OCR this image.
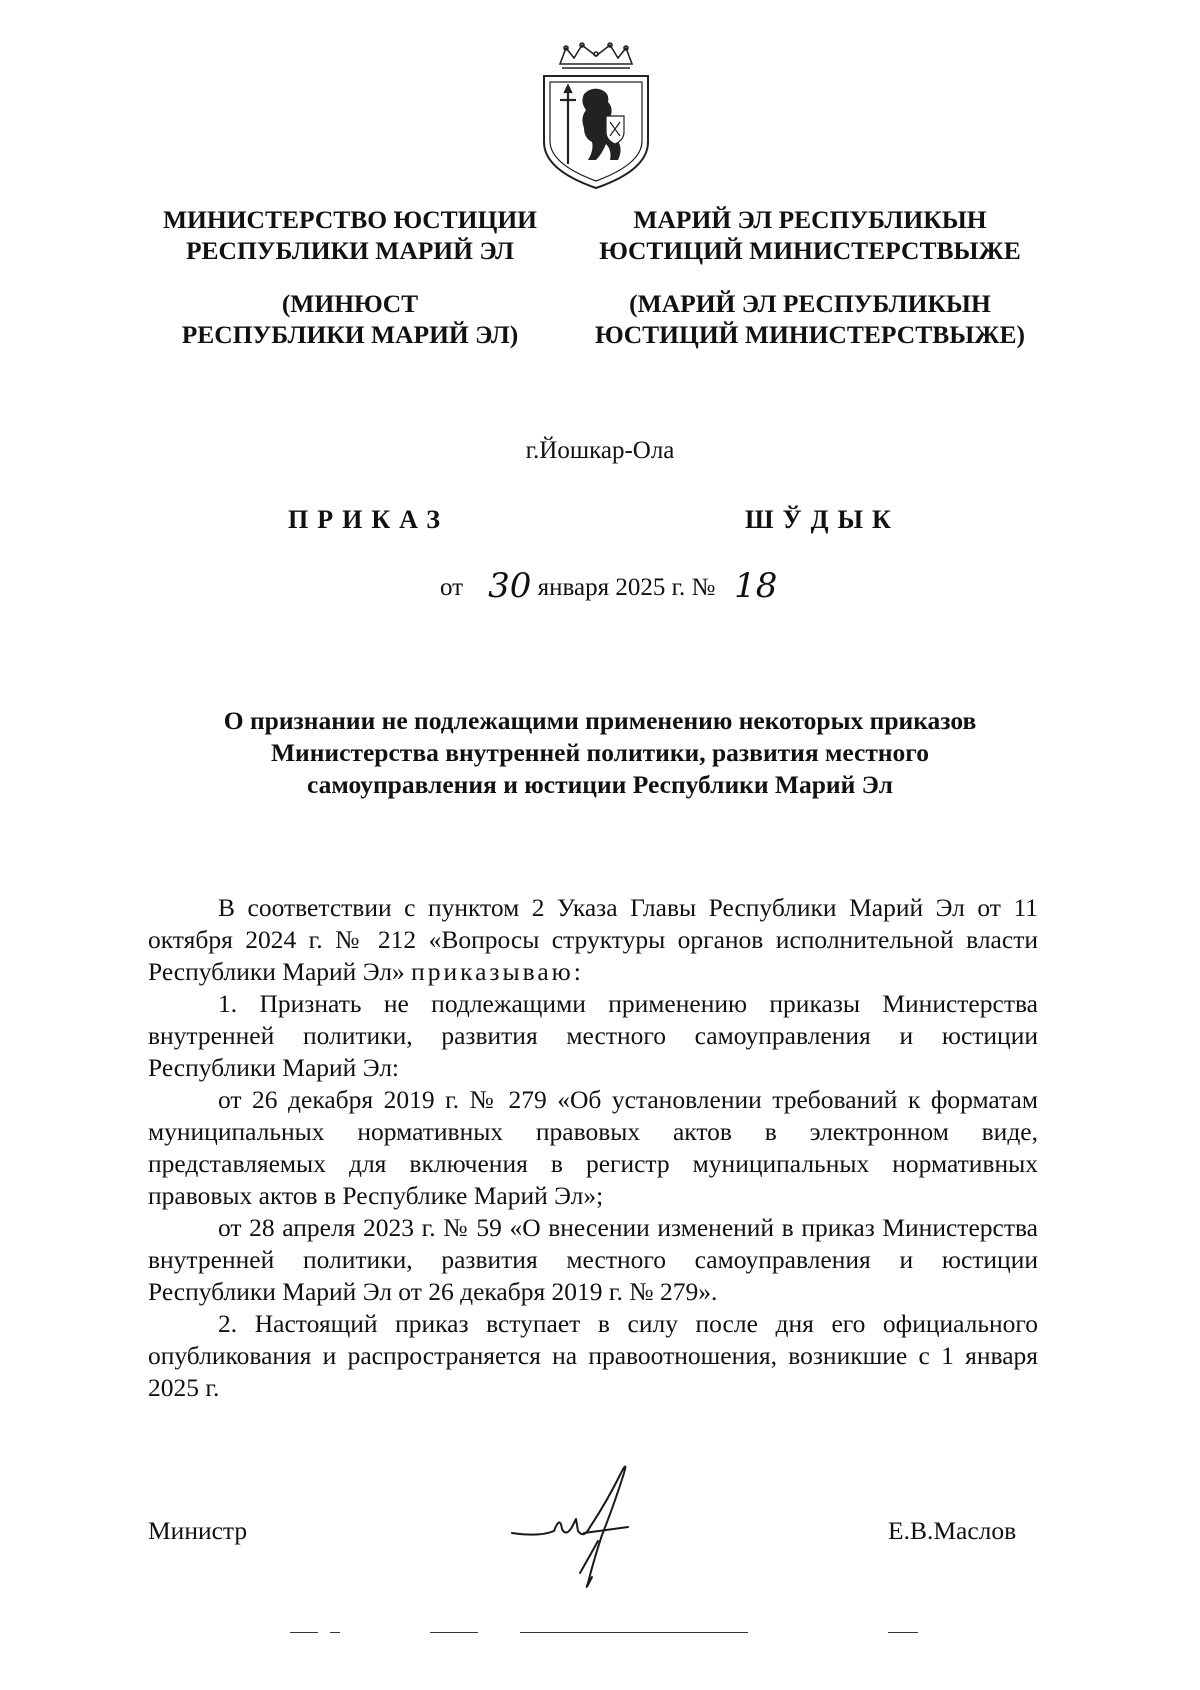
МИНИСТЕРСТВО ЮСТИЦИИ
РЕСПУБЛИКИ МАРИЙ ЭЛ
(МИНЮСТ
РЕСПУБЛИКИ МАРИЙ ЭЛ)
МАРИЙ ЭЛ РЕСПУБЛИКЫН
ЮСТИЦИЙ МИНИСТЕРСТВЫЖЕ
(МАРИЙ ЭЛ РЕСПУБЛИКЫН
ЮСТИЦИЙ МИНИСТЕРСТВЫЖЕ)
г.Йошкар-Ола
ПРИКАЗ	ШЎДЫК
от 30 января 2025 г. № 18
О признании не подлежащими применению некоторых приказов
Министерства внутренней политики, развития местного
самоуправления и юстиции Республики Марий Эл

В соответствии с пунктом 2 Указа Главы Республики Марий Эл от 11 октября 2024 г. № 212 «Вопросы структуры органов исполнительной власти Республики Марий Эл» приказываю:

1. Признать не подлежащими применению приказы Министерства внутренней политики, развития местного самоуправления и юстиции Республики Марий Эл:

от 26 декабря 2019 г. № 279 «Об установлении требований к форматам муниципальных нормативных правовых актов в электронном виде, представляемых для включения в регистр муниципальных нормативных правовых актов в Республике Марий Эл»;

от 28 апреля 2023 г. № 59 «О внесении изменений в приказ Министерства внутренней политики, развития местного самоуправления и юстиции Республики Марий Эл от 26 декабря 2019 г. № 279».

2. Настоящий приказ вступает в силу после дня его официального опубликования и распространяется на правоотношения, возникшие с 1 января 2025 г.

Министр	Е.В.Маслов
